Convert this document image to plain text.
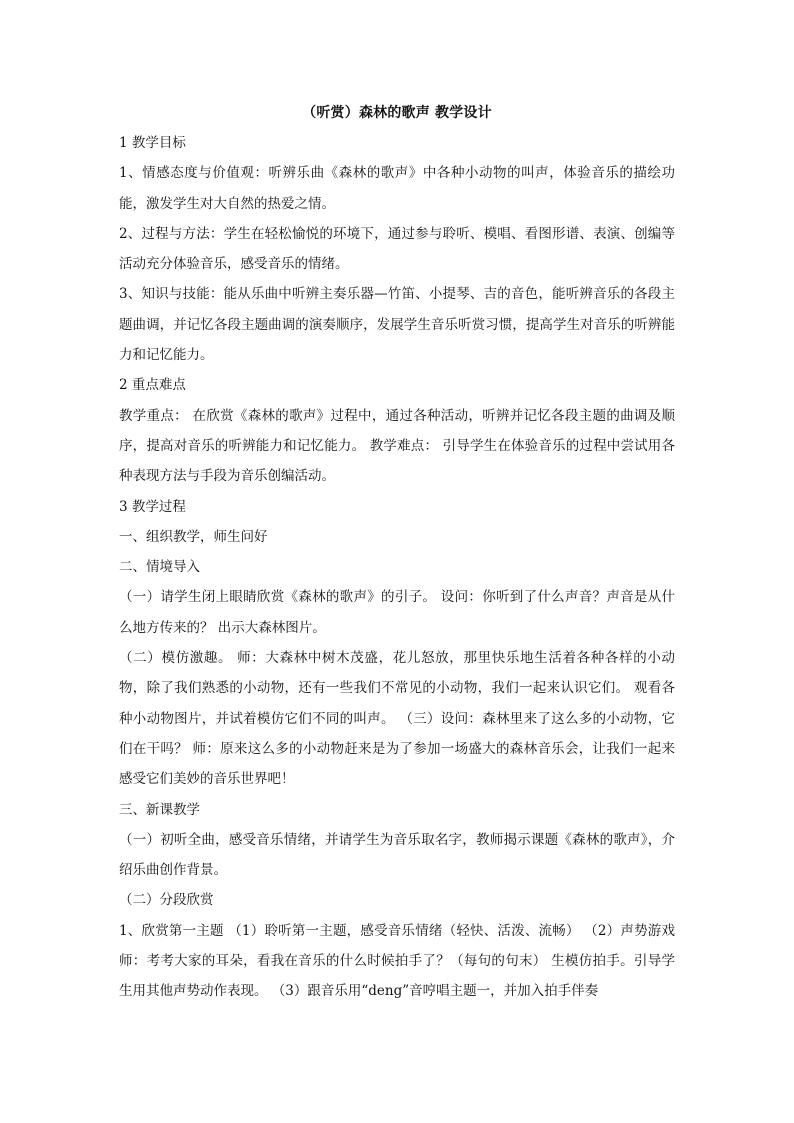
（听赏）森林的歌声 教学设计

1 教学目标

1、情感态度与价值观：听辨乐曲《森林的歌声》中各种小动物的叫声，体验音乐的描绘功能，激发学生对大自然的热爱之情。

2、过程与方法：学生在轻松愉悦的环境下，通过参与聆听、模唱、看图形谱、表演、创编等活动充分体验音乐，感受音乐的情绪。

3、知识与技能：能从乐曲中听辨主奏乐器—竹笛、小提琴、吉的音色，能听辨音乐的各段主题曲调，并记忆各段主题曲调的演奏顺序，发展学生音乐听赏习惯，提高学生对音乐的听辨能力和记忆能力。

2 重点难点

教学重点： 在欣赏《森林的歌声》过程中，通过各种活动，听辨并记忆各段主题的曲调及顺序，提高对音乐的听辨能力和记忆能力。 教学难点： 引导学生在体验音乐的过程中尝试用各种表现方法与手段为音乐创编活动。

3 教学过程

一、组织教学，师生问好

二、情境导入

（一）请学生闭上眼睛欣赏《森林的歌声》的引子。 设问：你听到了什么声音？声音是从什么地方传来的？ 出示大森林图片。

（二）模仿激趣。 师：大森林中树木茂盛，花儿怒放，那里快乐地生活着各种各样的小动物，除了我们熟悉的小动物，还有一些我们不常见的小动物，我们一起来认识它们。 观看各种小动物图片，并试着模仿它们不同的叫声。 （三）设问：森林里来了这么多的小动物，它们在干吗？ 师：原来这么多的小动物赶来是为了参加一场盛大的森林音乐会，让我们一起来感受它们美妙的音乐世界吧！

三、新课教学

（一）初听全曲，感受音乐情绪，并请学生为音乐取名字，教师揭示课题《森林的歌声》，介绍乐曲创作背景。

（二）分段欣赏

1、欣赏第一主题 （1）聆听第一主题，感受音乐情绪（轻快、活泼、流畅） （2）声势游戏 师：考考大家的耳朵，看我在音乐的什么时候拍手了？（每句的句末） 生模仿拍手。引导学生用其他声势动作表现。 （3）跟音乐用“deng”音哼唱主题一，并加入拍手伴奏
